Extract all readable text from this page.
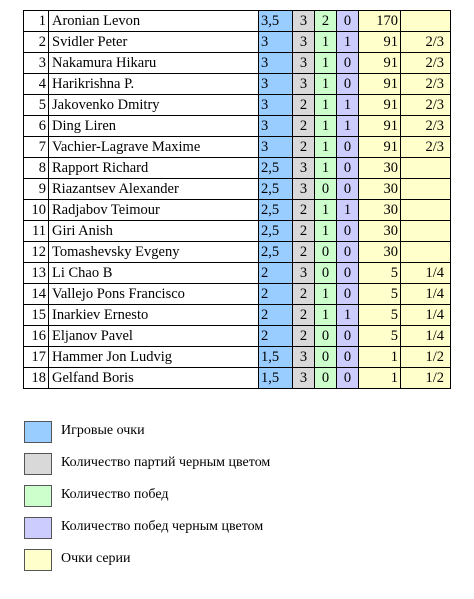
1	Aronian Levon	3,5	3	2	0	170	
2	Svidler Peter	3	3	1	1	91	2/3
3	Nakamura Hikaru	3	3	1	0	91	2/3
4	Harikrishna P.	3	3	1	0	91	2/3
5	Jakovenko Dmitry	3	2	1	1	91	2/3
6	Ding Liren	3	2	1	1	91	2/3
7	Vachier-Lagrave Maxime	3	2	1	0	91	2/3
8	Rapport Richard	2,5	3	1	0	30	
9	Riazantsev Alexander	2,5	3	0	0	30	
10	Radjabov Teimour	2,5	2	1	1	30	
11	Giri Anish	2,5	2	1	0	30	
12	Tomashevsky Evgeny	2,5	2	0	0	30	
13	Li Chao B	2	3	0	0	5	1/4
14	Vallejo Pons Francisco	2	2	1	0	5	1/4
15	Inarkiev Ernesto	2	2	1	1	5	1/4
16	Eljanov Pavel	2	2	0	0	5	1/4
17	Hammer Jon Ludvig	1,5	3	0	0	1	1/2
18	Gelfand Boris	1,5	3	0	0	1	1/2
Игровые очки
Количество партий черным цветом
Количество побед
Количество побед черным цветом
Очки серии
